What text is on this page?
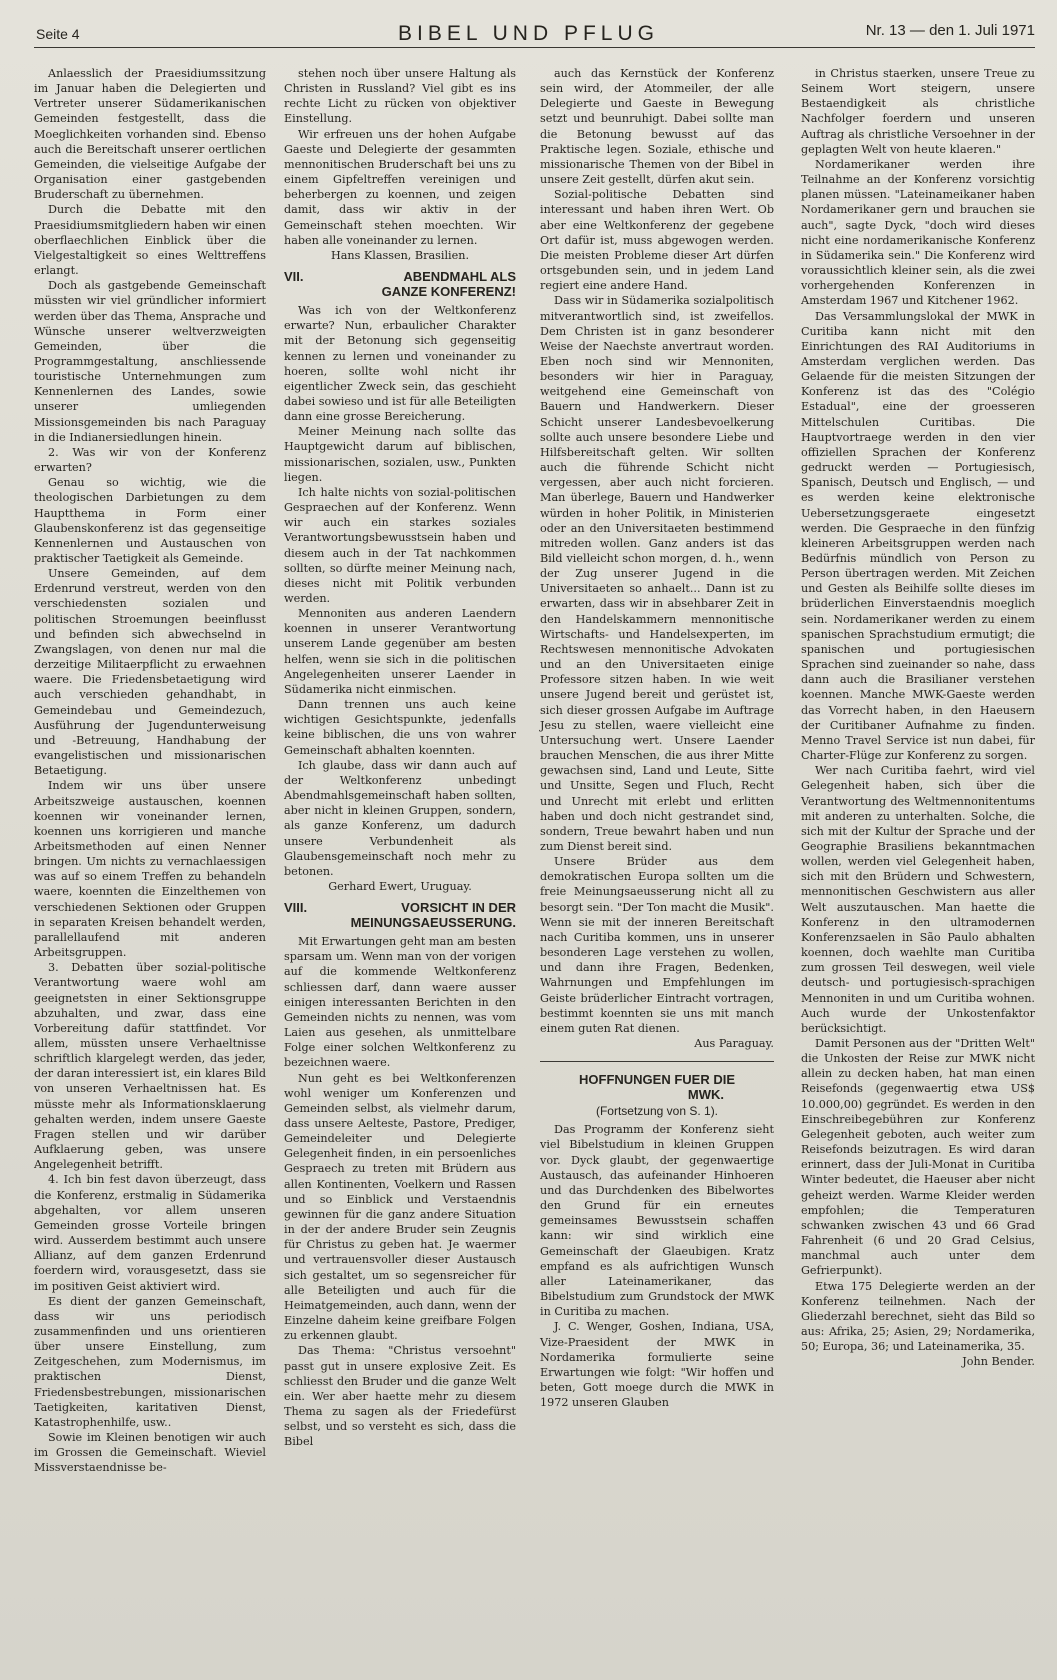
Seite 4	BIBEL UND PFLUG	Nr. 13 — den 1. Juli 1971

Anlaesslich der Praesidiumssitzung im Januar haben die Delegierten und Vertreter unserer Südamerikanischen Gemeinden festgestellt, dass die Moeglichkeiten vorhanden sind. Ebenso auch die Bereitschaft unserer oertlichen Gemeinden, die vielseitige Aufgabe der Organisation einer gastgebenden Bruderschaft zu übernehmen.

Durch die Debatte mit den Praesidiumsmitgliedern haben wir einen oberflaechlichen Einblick über die Vielgestaltigkeit so eines Welttreffens erlangt.

Doch als gastgebende Gemeinschaft müssten wir viel gründlicher informiert werden über das Thema, Ansprache und Wünsche unserer weltverzweigten Gemeinden, über die Programmgestaltung, anschliessende touristische Unternehmungen zum Kennenlernen des Landes, sowie unserer umliegenden Missionsgemeinden bis nach Paraguay in die Indianersiedlungen hinein.

2. Was wir von der Konferenz erwarten?

Genau so wichtig, wie die theologischen Darbietungen zu dem Hauptthema in Form einer Glaubenskonferenz ist das gegenseitige Kennenlernen und Austauschen von praktischer Taetigkeit als Gemeinde.

Unsere Gemeinden, auf dem Erdenrund verstreut, werden von den verschiedensten sozialen und politischen Stroemungen beeinflusst und befinden sich abwechselnd in Zwangslagen, von denen nur mal die derzeitige Militaerpflicht zu erwaehnen waere. Die Friedensbetaetigung wird auch verschieden gehandhabt, in Gemeindebau und Gemeindezuch, Ausführung der Jugendunterweisung und -Betreuung, Handhabung der evangelistischen und missionarischen Betaetigung.

Indem wir uns über unsere Arbeitszweige austauschen, koennen koennen wir voneinander lernen, koennen uns korrigieren und manche Arbeitsmethoden auf einen Nenner bringen. Um nichts zu vernachlaessigen was auf so einem Treffen zu behandeln waere, koennten die Einzelthemen von verschiedenen Sektionen oder Gruppen in separaten Kreisen behandelt werden, parallellaufend mit anderen Arbeitsgruppen.

3. Debatten über sozial-politische Verantwortung waere wohl am geeignetsten in einer Sektionsgruppe abzuhalten, und zwar, dass eine Vorbereitung dafür stattfindet. Vor allem, müssten unsere Verhaeltnisse schriftlich klargelegt werden, das jeder, der daran interessiert ist, ein klares Bild von unseren Verhaeltnissen hat. Es müsste mehr als Informationsklaerung gehalten werden, indem unsere Gaeste Fragen stellen und wir darüber Aufklaerung geben, was unsere Angelegenheit betrifft.

4. Ich bin fest davon überzeugt, dass die Konferenz, erstmalig in Südamerika abgehalten, vor allem unseren Gemeinden grosse Vorteile bringen wird. Ausserdem bestimmt auch unsere Allianz, auf dem ganzen Erdenrund foerdern wird, vorausgesetzt, dass sie im positiven Geist aktiviert wird.

Es dient der ganzen Gemeinschaft, dass wir uns periodisch zusammenfinden und uns orientieren über unsere Einstellung, zum Zeitgeschehen, zum Modernismus, im praktischen Dienst, Friedensbestrebungen, missionarischen Taetigkeiten, karitativen Dienst, Katastrophenhilfe, usw..

Sowie im Kleinen benotigen wir auch im Grossen die Gemeinschaft. Wieviel Missverstaendnisse be-

stehen noch über unsere Haltung als Christen in Russland? Viel gibt es ins rechte Licht zu rücken von objektiver Einstellung.

Wir erfreuen uns der hohen Aufgabe Gaeste und Delegierte der gesammten mennonitischen Bruderschaft bei uns zu einem Gipfeltreffen vereinigen und beherbergen zu koennen, und zeigen damit, dass wir aktiv in der Gemeinschaft stehen moechten. Wir haben alle voneinander zu lernen.

Hans Klassen, Brasilien.

VII.	ABENDMAHL ALS
GANZE KONFERENZ!

Was ich von der Weltkonferenz erwarte? Nun, erbaulicher Charakter mit der Betonung sich gegenseitig kennen zu lernen und voneinander zu hoeren, sollte wohl nicht ihr eigentlicher Zweck sein, das geschieht dabei sowieso und ist für alle Beteiligten dann eine grosse Bereicherung.

Meiner Meinung nach sollte das Hauptgewicht darum auf biblischen, missionarischen, sozialen, usw., Punkten liegen.

Ich halte nichts von sozial-politischen Gespraechen auf der Konferenz. Wenn wir auch ein starkes soziales Verantwortungsbewusstsein haben und diesem auch in der Tat nachkommen sollten, so dürfte meiner Meinung nach, dieses nicht mit Politik verbunden werden.

Mennoniten aus anderen Laendern koennen in unserer Verantwortung unserem Lande gegenüber am besten helfen, wenn sie sich in die politischen Angelegenheiten unserer Laender in Südamerika nicht einmischen.

Dann trennen uns auch keine wichtigen Gesichtspunkte, jedenfalls keine biblischen, die uns von wahrer Gemeinschaft abhalten koennten.

Ich glaube, dass wir dann auch auf der Weltkonferenz unbedingt Abendmahlsgemeinschaft haben sollten, aber nicht in kleinen Gruppen, sondern, als ganze Konferenz, um dadurch unsere Verbundenheit als Glaubensgemeinschaft noch mehr zu betonen.

Gerhard Ewert, Uruguay.

VIII.	VORSICHT IN DER
MEINUNGSAEUSSERUNG.

Mit Erwartungen geht man am besten sparsam um. Wenn man von der vorigen auf die kommende Weltkonferenz schliessen darf, dann waere ausser einigen interessanten Berichten in den Gemeinden nichts zu nennen, was vom Laien aus gesehen, als unmittelbare Folge einer solchen Weltkonferenz zu bezeichnen waere.

Nun geht es bei Weltkonferenzen wohl weniger um Konferenzen und Gemeinden selbst, als vielmehr darum, dass unsere Aelteste, Pastore, Prediger, Gemeindeleiter und Delegierte Gelegenheit finden, in ein persoenliches Gespraech zu treten mit Brüdern aus allen Kontinenten, Voelkern und Rassen und so Einblick und Verstaendnis gewinnen für die ganz andere Situation in der der andere Bruder sein Zeugnis für Christus zu geben hat. Je waermer und vertrauensvoller dieser Austausch sich gestaltet, um so segensreicher für alle Beteiligten und auch für die Heimatgemeinden, auch dann, wenn der Einzelne daheim keine greifbare Folgen zu erkennen glaubt.

Das Thema: "Christus versoehnt" passt gut in unsere explosive Zeit. Es schliesst den Bruder und die ganze Welt ein. Wer aber haette mehr zu diesem Thema zu sagen als der Friedefürst selbst, und so versteht es sich, dass die Bibel

auch das Kernstück der Konferenz sein wird, der Atommeiler, der alle Delegierte und Gaeste in Bewegung setzt und beunruhigt. Dabei sollte man die Betonung bewusst auf das Praktische legen. Soziale, ethische und missionarische Themen von der Bibel in unsere Zeit gestellt, dürfen akut sein.

Sozial-politische Debatten sind interessant und haben ihren Wert. Ob aber eine Weltkonferenz der gegebene Ort dafür ist, muss abgewogen werden. Die meisten Probleme dieser Art dürfen ortsgebunden sein, und in jedem Land regiert eine andere Hand.

Dass wir in Südamerika sozialpolitisch mitverantwortlich sind, ist zweifellos. Dem Christen ist in ganz besonderer Weise der Naechste anvertraut worden. Eben noch sind wir Mennoniten, besonders wir hier in Paraguay, weitgehend eine Gemeinschaft von Bauern und Handwerkern. Dieser Schicht unserer Landesbevoelkerung sollte auch unsere besondere Liebe und Hilfsbereitschaft gelten. Wir sollten auch die führende Schicht nicht vergessen, aber auch nicht forcieren. Man überlege, Bauern und Handwerker würden in hoher Politik, in Ministerien oder an den Universitaeten bestimmend mitreden wollen. Ganz anders ist das Bild vielleicht schon morgen, d. h., wenn der Zug unserer Jugend in die Universitaeten so anhaelt... Dann ist zu erwarten, dass wir in absehbarer Zeit in den Handelskammern mennonitische Wirtschafts- und Handelsexperten, im Rechtswesen mennonitische Advokaten und an den Universitaeten einige Professore sitzen haben. In wie weit unsere Jugend bereit und gerüstet ist, sich dieser grossen Aufgabe im Auftrage Jesu zu stellen, waere vielleicht eine Untersuchung wert. Unsere Laender brauchen Menschen, die aus ihrer Mitte gewachsen sind, Land und Leute, Sitte und Unsitte, Segen und Fluch, Recht und Unrecht mit erlebt und erlitten haben und doch nicht gestrandet sind, sondern, Treue bewahrt haben und nun zum Dienst bereit sind.

Unsere Brüder aus dem demokratischen Europa sollten um die freie Meinungsaeusserung nicht all zu besorgt sein. "Der Ton macht die Musik". Wenn sie mit der inneren Bereitschaft nach Curitiba kommen, uns in unserer besonderen Lage verstehen zu wollen, und dann ihre Fragen, Bedenken, Wahrnungen und Empfehlungen im Geiste brüderlicher Eintracht vortragen, bestimmt koennten sie uns mit manch einem guten Rat dienen.

Aus Paraguay.

HOFFNUNGEN FUER DIE
MWK.
(Fortsetzung von S. 1).

Das Programm der Konferenz sieht viel Bibelstudium in kleinen Gruppen vor. Dyck glaubt, der gegenwaertige Austausch, das aufeinander Hinhoeren und das Durchdenken des Bibelwortes den Grund für ein erneutes gemeinsames Bewusstsein schaffen kann: wir sind wirklich eine Gemeinschaft der Glaeubigen. Kratz empfand es als aufrichtigen Wunsch aller Lateinamerikaner, das Bibelstudium zum Grundstock der MWK in Curitiba zu machen.

J. C. Wenger, Goshen, Indiana, USA, Vize-Praesident der MWK in Nordamerika formulierte seine Erwartungen wie folgt: "Wir hoffen und beten, Gott moege durch die MWK in 1972 unseren Glauben

in Christus staerken, unsere Treue zu Seinem Wort steigern, unsere Bestaendigkeit als christliche Nachfolger foerdern und unseren Auftrag als christliche Versoehner in der geplagten Welt von heute klaeren."

Nordamerikaner werden ihre Teilnahme an der Konferenz vorsichtig planen müssen. "Lateinameikaner haben Nordamerikaner gern und brauchen sie auch", sagte Dyck, "doch wird dieses nicht eine nordamerikanische Konferenz in Südamerika sein." Die Konferenz wird voraussichtlich kleiner sein, als die zwei vorhergehenden Konferenzen in Amsterdam 1967 und Kitchener 1962.

Das Versammlungslokal der MWK in Curitiba kann nicht mit den Einrichtungen des RAI Auditoriums in Amsterdam verglichen werden. Das Gelaende für die meisten Sitzungen der Konferenz ist das des "Colégio Estadual", eine der groesseren Mittelschulen Curitibas. Die Hauptvortraege werden in den vier offiziellen Sprachen der Konferenz gedruckt werden — Portugiesisch, Spanisch, Deutsch und Englisch, — und es werden keine elektronische Uebersetzungsgeraete eingesetzt werden. Die Gespraeche in den fünfzig kleineren Arbeitsgruppen werden nach Bedürfnis mündlich von Person zu Person übertragen werden. Mit Zeichen und Gesten als Beihilfe sollte dieses im brüderlichen Einverstaendnis moeglich sein. Nordamerikaner werden zu einem spanischen Sprachstudium ermutigt; die spanischen und portugiesischen Sprachen sind zueinander so nahe, dass dann auch die Brasilianer verstehen koennen. Manche MWK-Gaeste werden das Vorrecht haben, in den Haeusern der Curitibaner Aufnahme zu finden. Menno Travel Service ist nun dabei, für Charter-Flüge zur Konferenz zu sorgen.

Wer nach Curitiba faehrt, wird viel Gelegenheit haben, sich über die Verantwortung des Weltmennonitentums mit anderen zu unterhalten. Solche, die sich mit der Kultur der Sprache und der Geographie Brasiliens bekanntmachen wollen, werden viel Gelegenheit haben, sich mit den Brüdern und Schwestern, mennonitischen Geschwistern aus aller Welt auszutauschen. Man haette die Konferenz in den ultramodernen Konferenzsaelen in São Paulo abhalten koennen, doch waehlte man Curitiba zum grossen Teil deswegen, weil viele deutsch- und portugiesisch-sprachigen Mennoniten in und um Curitiba wohnen. Auch wurde der Unkostenfaktor berücksichtigt.

Damit Personen aus der "Dritten Welt" die Unkosten der Reise zur MWK nicht allein zu decken haben, hat man einen Reisefonds (gegenwaertig etwa US$ 10.000,00) gegründet. Es werden in den Einschreibegebühren zur Konferenz Gelegenheit geboten, auch weiter zum Reisefonds beizutragen. Es wird daran erinnert, dass der Juli-Monat in Curitiba Winter bedeutet, die Haeuser aber nicht geheizt werden. Warme Kleider werden empfohlen; die Temperaturen schwanken zwischen 43 und 66 Grad Fahrenheit (6 und 20 Grad Celsius, manchmal auch unter dem Gefrierpunkt).

Etwa 175 Delegierte werden an der Konferenz teilnehmen. Nach der Gliederzahl berechnet, sieht das Bild so aus: Afrika, 25; Asien, 29; Nordamerika, 50; Europa, 36; und Lateinamerika, 35.

John Bender.
